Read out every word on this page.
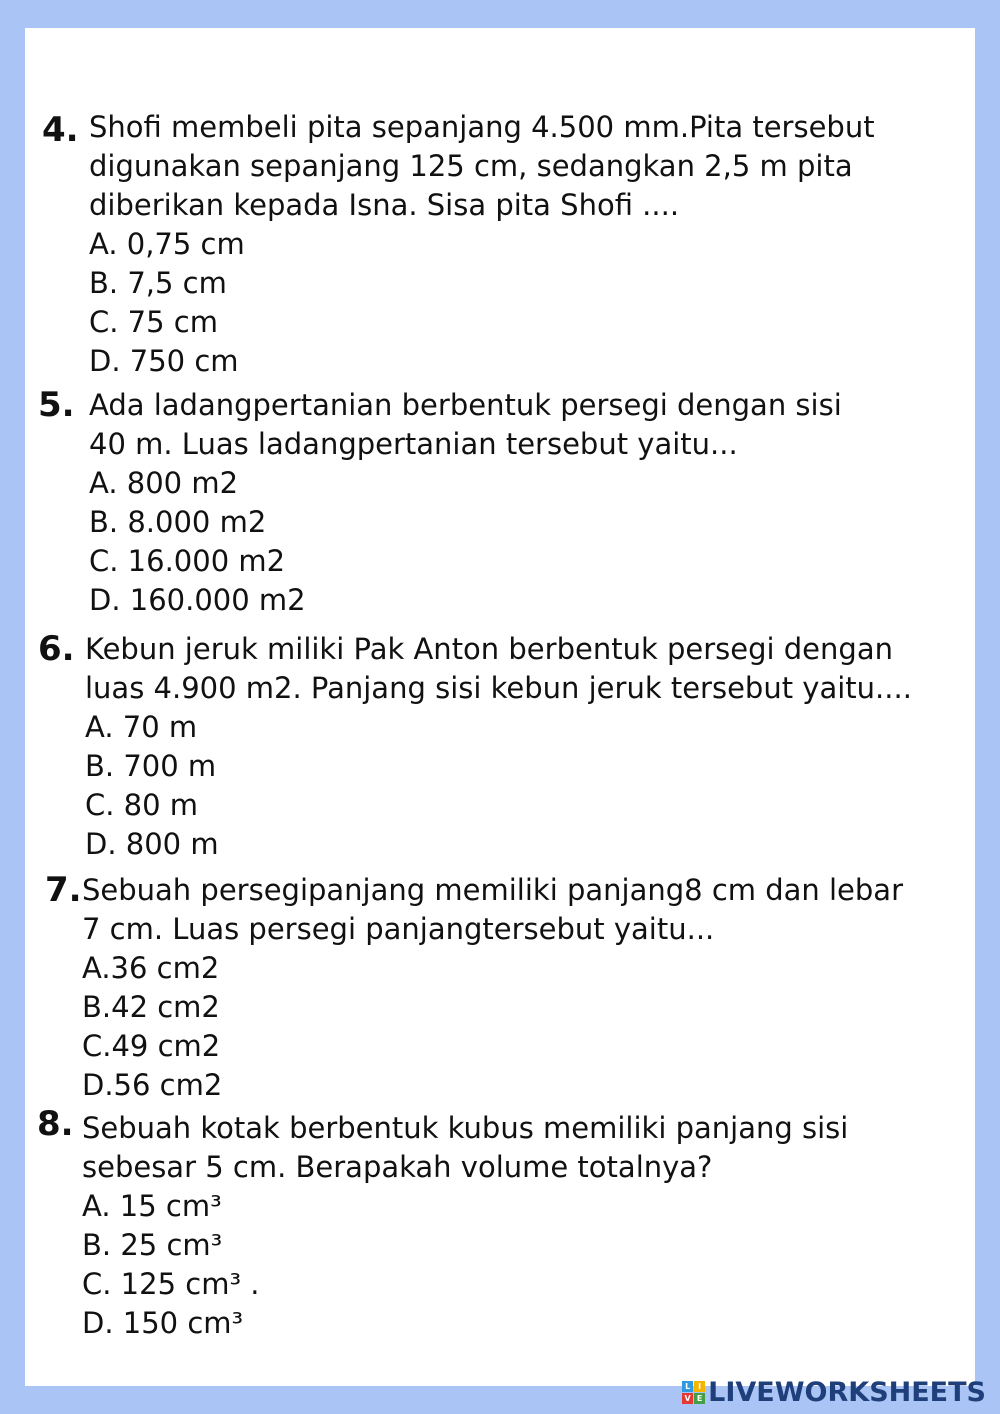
4. Shofi membeli pita sepanjang 4.500 mm.Pita tersebut
digunakan sepanjang 125 cm, sedangkan 2,5 m pita
diberikan kepada Isna. Sisa pita Shofi ....
A. 0,75 cm
B. 7,5 cm
C. 75 cm
D. 750 cm
5. Ada ladangpertanian berbentuk persegi dengan sisi
40 m. Luas ladangpertanian tersebut yaitu...
A. 800 m2
B. 8.000 m2
C. 16.000 m2
D. 160.000 m2
6. Kebun jeruk miliki Pak Anton berbentuk persegi dengan
luas 4.900 m2. Panjang sisi kebun jeruk tersebut yaitu....
A. 70 m
B. 700 m
C. 80 m
D. 800 m
7. Sebuah persegipanjang memiliki panjang8 cm dan lebar
7 cm. Luas persegi panjangtersebut yaitu...
A.36 cm2
B.42 cm2
C.49 cm2
D.56 cm2
8. Sebuah kotak berbentuk kubus memiliki panjang sisi
sebesar 5 cm. Berapakah volume totalnya?
A. 15 cm³
B. 25 cm³
C. 125 cm³ .
D. 150 cm³
L I
V E LIVEWORKSHEETS
